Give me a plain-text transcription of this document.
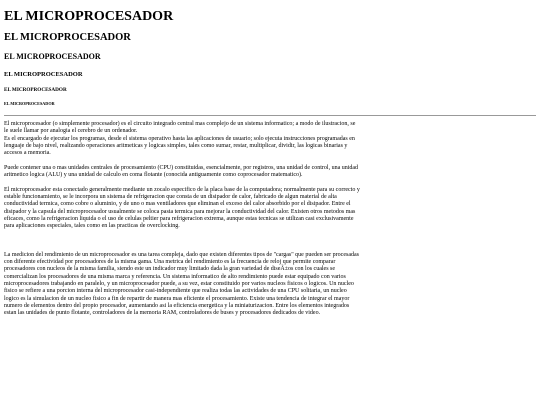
EL MICROPROCESADOR
EL MICROPROCESADOR
EL MICROPROCESADOR
EL MICROPROCESADOR
EL MICROPROCESADOR
EL MICROPROCESADOR

El microprocesador (o simplemente procesador) es el circuito integrado central mas complejo de un sistema informatico; a modo de ilustracion, se le suele llamar por analogia el cerebro de un ordenador.
Es el encargado de ejecutar los programas, desde el sistema operativo hasta las aplicaciones de usuario; solo ejecuta instrucciones programadas en lenguaje de bajo nivel, realizando operaciones aritmeticas y logicas simples, tales como sumar, restar, multiplicar, dividir, las logicas binarias y accesos a memoria.

Puede contener una o mas unidades centrales de procesamiento (CPU) constituidas, esencialmente, por registros, una unidad de control, una unidad aritmetico logica (ALU) y una unidad de calculo en coma flotante (conocida antiguamente como coprocesador matematico).

El microprocesador esta conectado generalmente mediante un zocalo especifico de la placa base de la computadora; normalmente para su correcto y estable funcionamiento, se le incorpora un sistema de refrigeracion que consta de un disipador de calor, fabricado de algun material de alta conductividad termica, como cobre o aluminio, y de uno o mas ventiladores que eliminan el exceso del calor absorbido por el disipador. Entre el disipador y la capsula del microprocesador usualmente se coloca pasta termica para mejorar la conductividad del calor. Existen otros metodos mas eficaces, como la refrigeracion liquida o el uso de celulas peltier para refrigeracion extrema, aunque estas tecnicas se utilizan casi exclusivamente para aplicaciones especiales, tales como en las practicas de overclocking.

La medicion del rendimiento de un microprocesador es una tarea compleja, dado que existen diferentes tipos de "cargas" que pueden ser procesadas con diferente efectividad por procesadores de la misma gama. Una metrica del rendimiento es la frecuencia de reloj que permite comparar procesadores con nucleos de la misma familia, siendo este un indicador muy limitado dada la gran variedad de diseÃ±os con los cuales se comercializan los procesadores de una misma marca y referencia. Un sistema informatico de alto rendimiento puede estar equipado con varios microprocesadores trabajando en paralelo, y un microprocesador puede, a su vez, estar constituido por varios nucleos fisicos o logicos. Un nucleo fisico se refiere a una porcion interna del microprocesador casi-independiente que realiza todas las actividades de una CPU solitaria, un nucleo logico es la simulacion de un nucleo fisico a fin de repartir de manera mas eficiente el procesamiento. Existe una tendencia de integrar el mayor numero de elementos dentro del propio procesador, aumentando asi la eficiencia energetica y la miniaturizacion. Entre los elementos integrados estan las unidades de punto flotante, controladores de la memoria RAM, controladores de buses y procesadores dedicados de video.
